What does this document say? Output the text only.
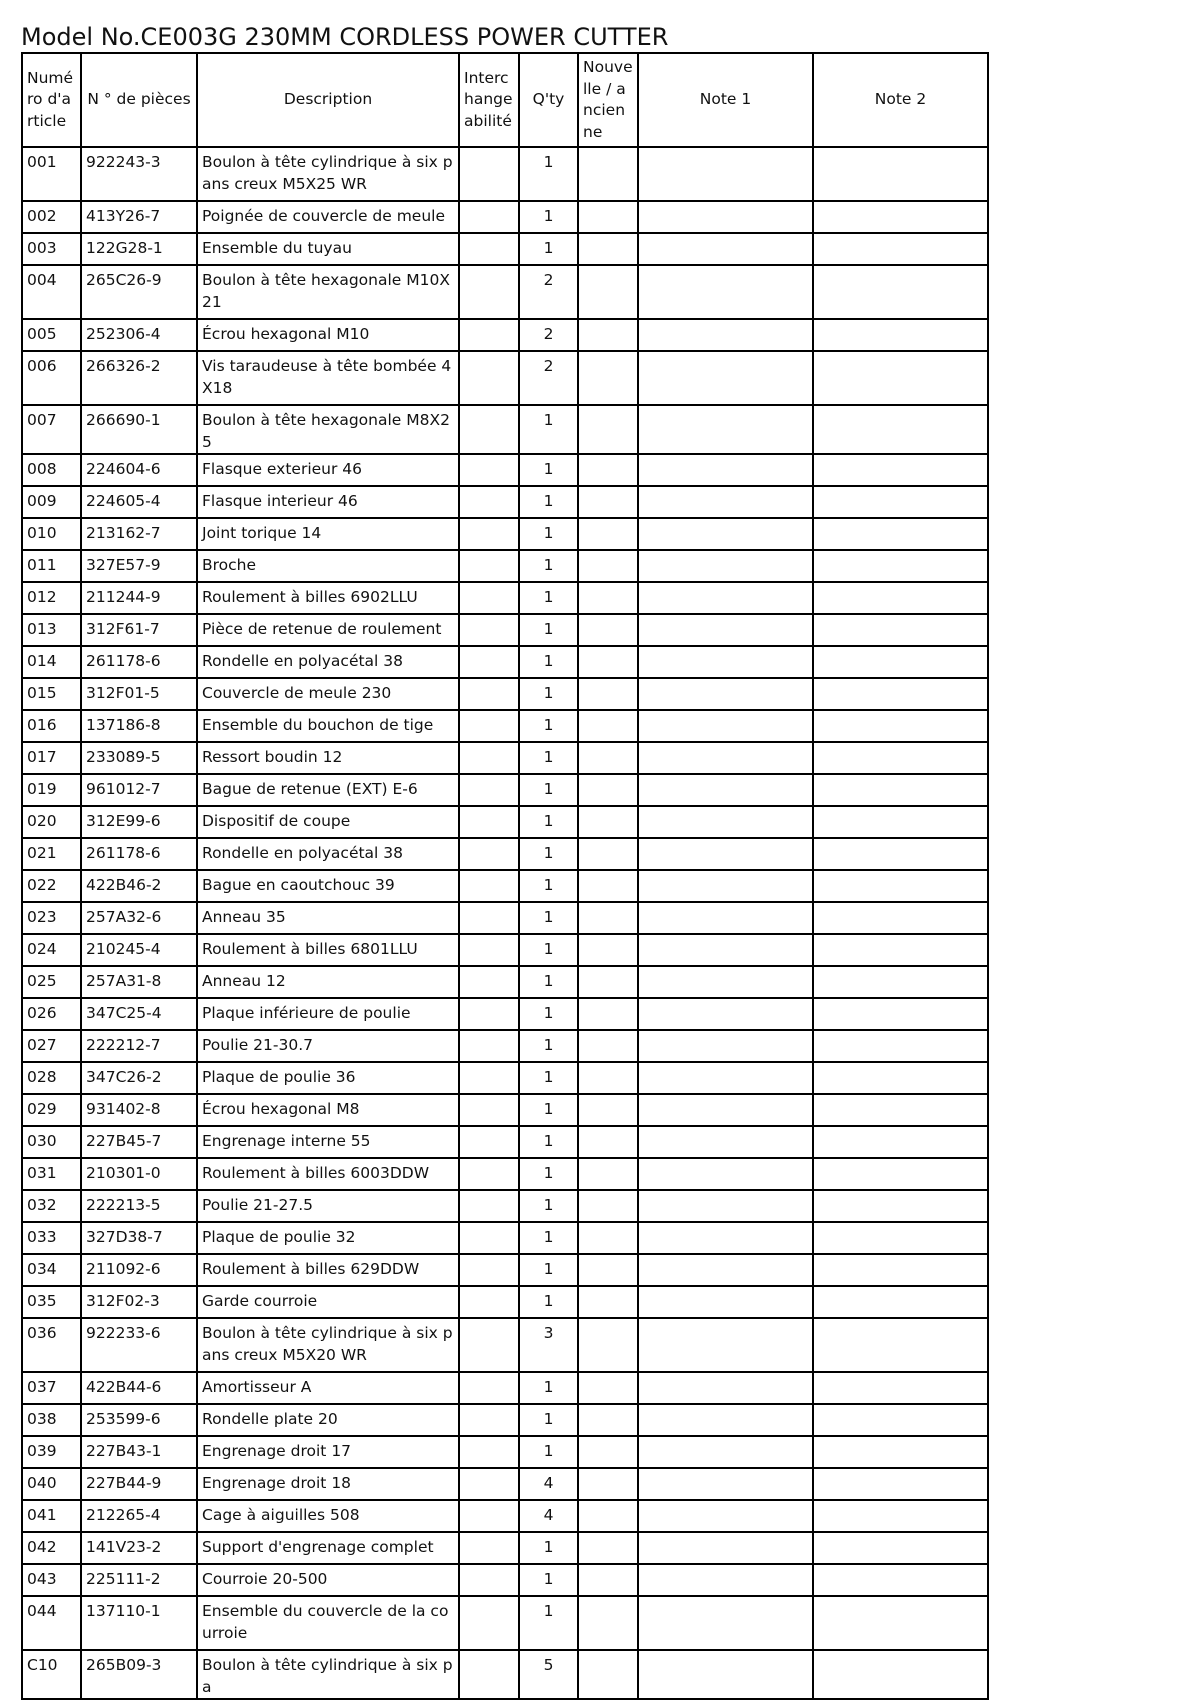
Model No.CE003G 230MM CORDLESS POWER CUTTER
Numéro d'article	N ° de pièces	Description	Interchangeabilité	Q'ty	Nouvelle / ancienne	Note 1	Note 2
001	922243-3	Boulon à tête cylindrique à six pans creux M5X25 WR		1			
002	413Y26-7	Poignée de couvercle de meule		1			
003	122G28-1	Ensemble du tuyau		1			
004	265C26-9	Boulon à tête hexagonale M10X21		2			
005	252306-4	Écrou hexagonal M10		2			
006	266326-2	Vis taraudeuse à tête bombée 4X18		2			
007	266690-1	Boulon à tête hexagonale M8X25		1			
008	224604-6	Flasque exterieur 46		1			
009	224605-4	Flasque interieur 46		1			
010	213162-7	Joint torique 14		1			
011	327E57-9	Broche		1			
012	211244-9	Roulement à billes 6902LLU		1			
013	312F61-7	Pièce de retenue de roulement		1			
014	261178-6	Rondelle en polyacétal 38		1			
015	312F01-5	Couvercle de meule 230		1			
016	137186-8	Ensemble du bouchon de tige		1			
017	233089-5	Ressort boudin 12		1			
019	961012-7	Bague de retenue (EXT) E-6		1			
020	312E99-6	Dispositif de coupe		1			
021	261178-6	Rondelle en polyacétal 38		1			
022	422B46-2	Bague en caoutchouc 39		1			
023	257A32-6	Anneau 35		1			
024	210245-4	Roulement à billes 6801LLU		1			
025	257A31-8	Anneau 12		1			
026	347C25-4	Plaque inférieure de poulie		1			
027	222212-7	Poulie 21-30.7		1			
028	347C26-2	Plaque de poulie 36		1			
029	931402-8	Écrou hexagonal M8		1			
030	227B45-7	Engrenage interne 55		1			
031	210301-0	Roulement à billes 6003DDW		1			
032	222213-5	Poulie 21-27.5		1			
033	327D38-7	Plaque de poulie 32		1			
034	211092-6	Roulement à billes 629DDW		1			
035	312F02-3	Garde courroie		1			
036	922233-6	Boulon à tête cylindrique à six pans creux M5X20 WR		3			
037	422B44-6	Amortisseur A		1			
038	253599-6	Rondelle plate 20		1			
039	227B43-1	Engrenage droit 17		1			
040	227B44-9	Engrenage droit 18		4			
041	212265-4	Cage à aiguilles 508		4			
042	141V23-2	Support d'engrenage complet		1			
043	225111-2	Courroie 20-500		1			
044	137110-1	Ensemble du couvercle de la courroie		1			
C10	265B09-3	Boulon à tête cylindrique à six pa		5			
